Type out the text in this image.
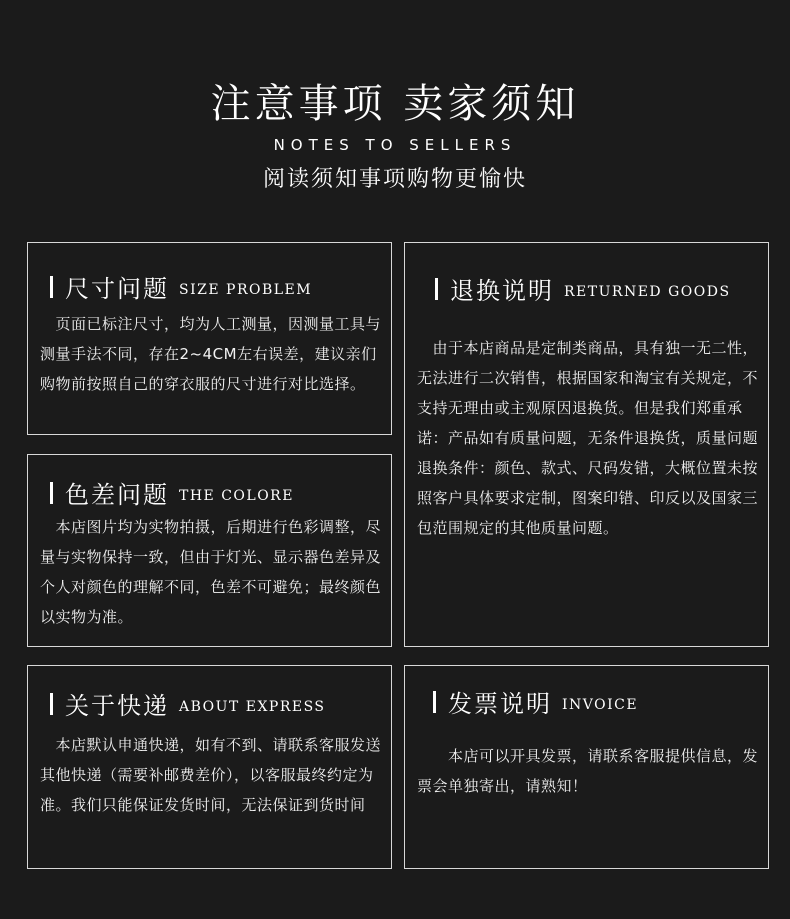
注意事项 卖家须知
NOTES TO SELLERS
阅读须知事项购物更愉快
尺寸问题 SIZE PROBLEM
　页面已标注尺寸，均为人工测量，因测量工具与测量手法不同，存在2~4CM左右误差，建议亲们购物前按照自己的穿衣服的尺寸进行对比选择。
色差问题 THE COLORE
　本店图片均为实物拍摄，后期进行色彩调整，尽量与实物保持一致，但由于灯光、显示器色差异及个人对颜色的理解不同，色差不可避免；最终颜色以实物为准。
退换说明 RETURNED GOODS
　由于本店商品是定制类商品，具有独一无二性，无法进行二次销售，根据国家和淘宝有关规定，不支持无理由或主观原因退换货。但是我们郑重承诺：产品如有质量问题，无条件退换货，质量问题退换条件：颜色、款式、尺码发错，大概位置未按照客户具体要求定制，图案印错、印反以及国家三包范围规定的其他质量问题。
关于快递 ABOUT EXPRESS
　本店默认申通快递，如有不到、请联系客服发送其他快递（需要补邮费差价），以客服最终约定为准。我们只能保证发货时间，无法保证到货时间
发票说明 INVOICE
　　本店可以开具发票，请联系客服提供信息，发票会单独寄出，请熟知！
